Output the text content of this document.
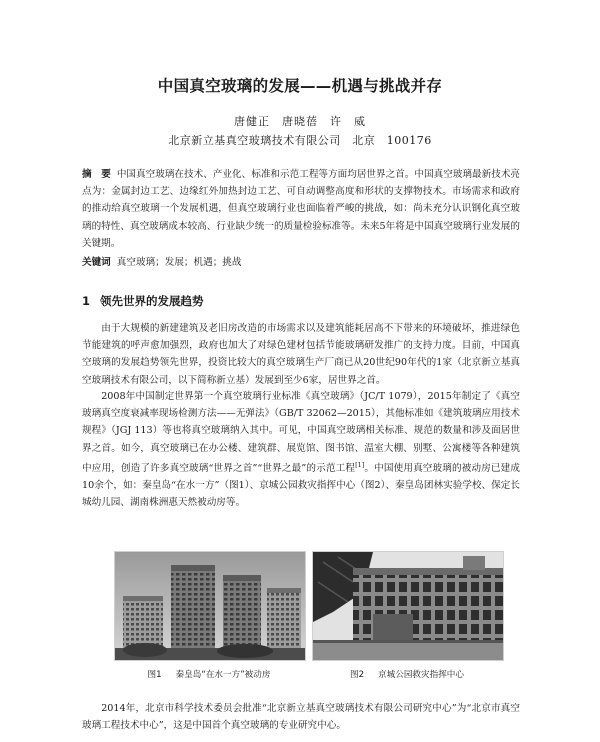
中国真空玻璃的发展——机遇与挑战并存
唐健正　唐晓蓓　许　威
北京新立基真空玻璃技术有限公司　北京　100176
摘　要 中国真空玻璃在技术、产业化、标准和示范工程等方面均居世界之首。中国真空玻璃最新技术亮点为：金属封边工艺、边缘红外加热封边工艺、可自动调整高度和形状的支撑物技术。市场需求和政府的推动给真空玻璃一个发展机遇，但真空玻璃行业也面临着严峻的挑战，如：尚未充分认识钢化真空玻璃的特性、真空玻璃成本较高、行业缺少统一的质量检验标准等。未来5年将是中国真空玻璃行业发展的关键期。
关键词 真空玻璃；发展；机遇；挑战
1 领先世界的发展趋势
由于大规模的新建建筑及老旧房改造的市场需求以及建筑能耗居高不下带来的环境破坏，推进绿色节能建筑的呼声愈加强烈，政府也加大了对绿色建材包括节能玻璃研发推广的支持力度。目前，中国真空玻璃的发展趋势领先世界，投资比较大的真空玻璃生产厂商已从20世纪90年代的1家（北京新立基真空玻璃技术有限公司，以下简称新立基）发展到至少6家，居世界之首。
2008年中国制定世界第一个真空玻璃行业标准《真空玻璃》（JC/T 1079），2015年制定了《真空玻璃真空度衰减率现场检测方法——无弹法》（GB/T 32062—2015），其他标准如《建筑玻璃应用技术规程》（JGJ 113）等也将真空玻璃纳入其中。可见，中国真空玻璃相关标准、规范的数量和涉及面居世界之首。如今，真空玻璃已在办公楼、建筑群、展览馆、图书馆、温室大棚、别墅、公寓楼等各种建筑中应用，创造了许多真空玻璃“世界之首”“世界之最”的示范工程[1]。中国使用真空玻璃的被动房已建成10余个，如：秦皇岛“在水一方”（图1）、京城公园救灾指挥中心（图2）、秦皇岛团林实验学校、保定长城幼儿园、湖南株洲惠天然被动房等。
图1 秦皇岛“在水一方”被动房	图2 京城公园救灾指挥中心
2014年，北京市科学技术委员会批准“北京新立基真空玻璃技术有限公司研究中心”为“北京市真空玻璃工程技术中心”，这是中国首个真空玻璃的专业研究中心。
